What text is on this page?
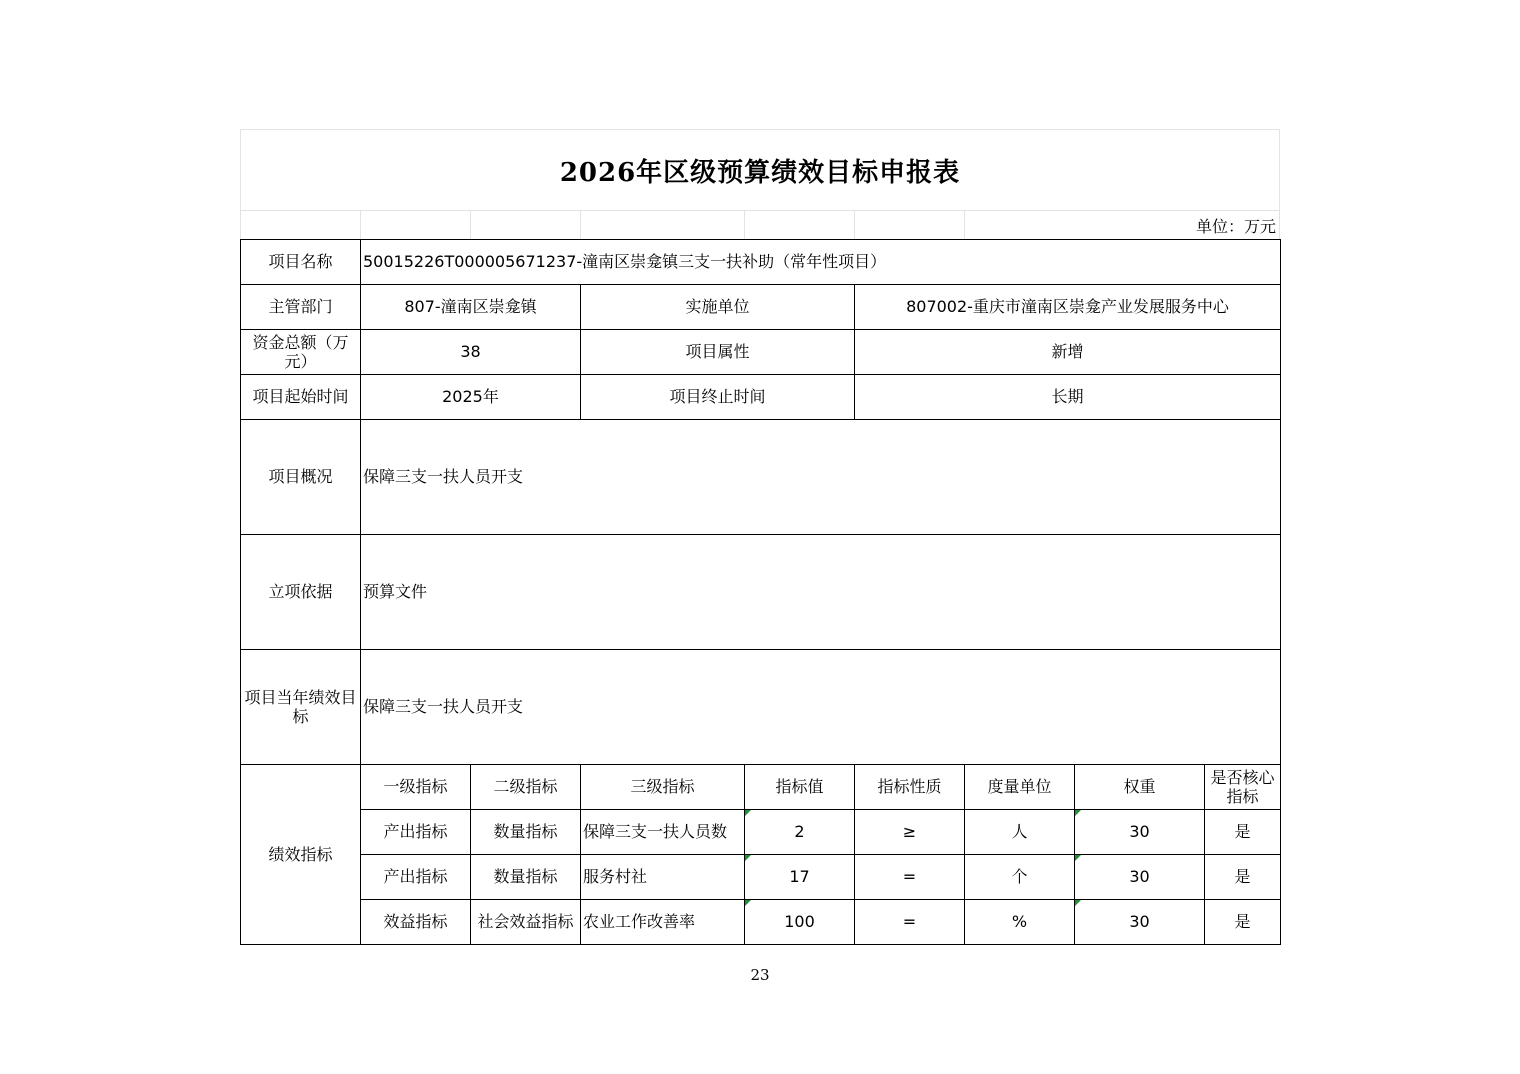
2026年区级预算绩效目标申报表
单位：万元
项目名称	50015226T000005671237-潼南区崇龛镇三支一扶补助（常年性项目）							
主管部门	807-潼南区崇龛镇		实施单位		807002-重庆市潼南区崇龛产业发展服务中心			
资金总额（万元）	38		项目属性		新增			
项目起始时间	2025年		项目终止时间		长期			
项目概况	保障三支一扶人员开支							
立项依据	预算文件							
项目当年绩效目标	保障三支一扶人员开支							
绩效指标	一级指标	二级指标	三级指标	指标值	指标性质	度量单位	权重	是否核心指标
	产出指标	数量指标	保障三支一扶人员数	2	≥	人	30	是
	产出指标	数量指标	服务村社	17	=	个	30	是
	效益指标	社会效益指标	农业工作改善率	100	=	%	30	是
23
